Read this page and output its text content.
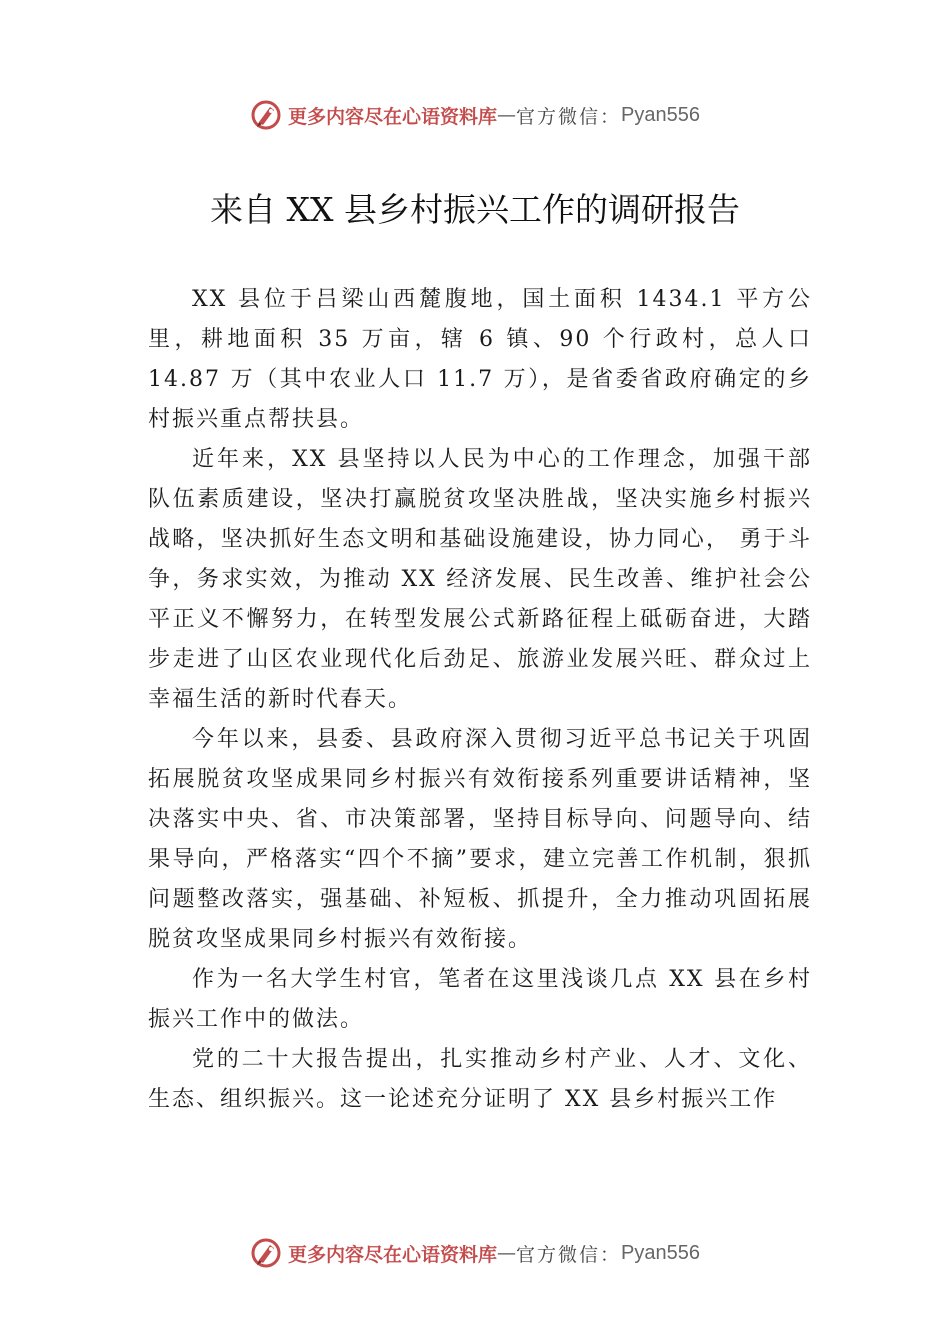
更多内容尽在心语资料库 — 官方微信： Pyan556
来自 XX 县乡村振兴工作的调研报告

XX 县位于吕梁山西麓腹地，国土面积 1434.1 平方公里，耕地面积 35 万亩，辖 6 镇、90 个行政村，总人口 14.87 万（其中农业人口 11.7 万），是省委省政府确定的乡村振兴重点帮扶县。

近年来，XX 县坚持以人民为中心的工作理念，加强干部队伍素质建设，坚决打赢脱贫攻坚决胜战，坚决实施乡村振兴战略，坚决抓好生态文明和基础设施建设，协力同心， 勇于斗争，务求实效，为推动 XX 经济发展、民生改善、维护社会公平正义不懈努力，在转型发展公式新路征程上砥砺奋进，大踏步走进了山区农业现代化后劲足、旅游业发展兴旺、群众过上幸福生活的新时代春天。

今年以来，县委、县政府深入贯彻习近平总书记关于巩固拓展脱贫攻坚成果同乡村振兴有效衔接系列重要讲话精神，坚决落实中央、省、市决策部署，坚持目标导向、问题导向、结果导向，严格落实“四个不摘”要求，建立完善工作机制，狠抓问题整改落实，强基础、补短板、抓提升，全力推动巩固拓展脱贫攻坚成果同乡村振兴有效衔接。

作为一名大学生村官，笔者在这里浅谈几点 XX 县在乡村振兴工作中的做法。

党的二十大报告提出，扎实推动乡村产业、人才、文化、生态、组织振兴。这一论述充分证明了 XX 县乡村振兴工作

更多内容尽在心语资料库 — 官方微信： Pyan556
